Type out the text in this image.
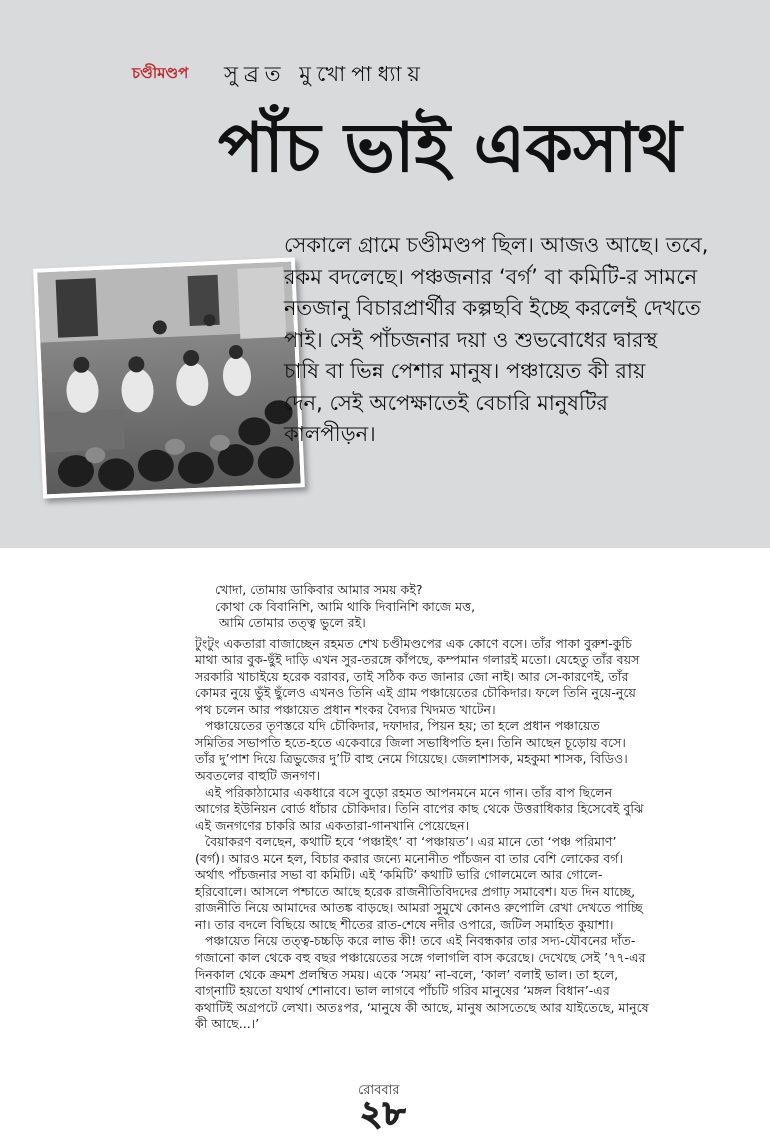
চণ্ডীমণ্ডপ সুব্রত মুখোপাধ্যায়
পাঁচ ভাই একসাথ
সেকালে গ্রামে চণ্ডীমণ্ডপ ছিল। আজও আছে। তবে,
রকম বদলেছে। পঞ্চজনার ‘বর্গ’ বা কমিটি-র সামনে
নতজানু বিচারপ্রার্থীর কল্পছবি ইচ্ছে করলেই দেখতে
পাই। সেই পাঁচজনার দয়া ও শুভবোধের দ্বারস্থ
চাষি বা ভিন্ন পেশার মানুষ। পঞ্চায়েত কী রায়
দেন, সেই অপেক্ষাতেই বেচারি মানুষটির
কালপীড়ন।
খোদা, তোমায় ডাকিবার আমার সময় কই?
কোথা কে বিবানিশি, আমি থাকি দিবানিশি কাজে মত্ত,
আমি তোমার তত্ত্ব ভুলে রই।
টুংটুং একতারা বাজাচ্ছেন রহমত শেখ চণ্ডীমণ্ডপের এক কোণে বসে। তাঁর পাকা বুরুশ-কুচি
মাথা আর বুক-ছুঁই দাড়ি এখন সুর-তরঙ্গে কাঁপছে, কম্পমান গলারই মতো। যেহেতু তাঁর বয়স
সরকারি খাচাইয়ে হরেক বরাবর, তাই সঠিক কত জানার জো নাই। আর সে-কারণেই, তাঁর
কোমর নুয়ে ভুঁই ছুঁলেও এখনও তিনি এই গ্রাম পঞ্চায়েতের চৌকিদার। ফলে তিনি নুয়ে-নুয়ে
পথ চলেন আর পঞ্চায়েত প্রধান শংকর বৈদ্যর খিদমত খাটেন।
পঞ্চায়েতের তৃণস্তরে যদি চৌকিদার, দফাদার, পিয়ন হয়; তা হলে প্রধান পঞ্চায়েত
সমিতির সভাপতি হতে-হতে একেবারে জিলা সভাধিপতি হন। তিনি আছেন চূড়োয় বসে।
তাঁর দু’পাশ দিয়ে ত্রিভুজের দু’টি বাহু নেমে গিয়েছে। জেলাশাসক, মহকুমা শাসক, বিডিও।
অবতলের বাহুটি জনগণ।
এই পরিকাঠামোর একধারে বসে বুড়ো রহমত আপনমনে মনে গান। তাঁর বাপ ছিলেন
আগের ইউনিয়ন বোর্ড ধাঁচার চৌকিদার। তিনি বাপের কাছ থেকে উত্তরাধিকার হিসেবেই বুঝি
এই জনগণের চাকরি আর একতারা-গানখানি পেয়েছেন।
বৈয়াকরণ বলছেন, কথাটি হবে ‘পঞ্চাইৎ’ বা ‘পঞ্চায়ত’। এর মানে তো ‘পঞ্চ পরিমাণ’
(বর্গ)। আরও মনে হল, বিচার করার জন্যে মনোনীত পাঁচজন বা তার বেশি লোকের বর্গ।
অর্থাৎ পাঁচজনার সভা বা কমিটি। এই ‘কমিটি’ কথাটি ভারি গোলমেলে আর গোলে-
হরিবোলে। আসলে পশ্চাতে আছে হরেক রাজনীতিবিদদের প্রগাঢ় সমাবেশ। যত দিন যাচ্ছে,
রাজনীতি নিয়ে আমাদের আতঙ্ক বাড়ছে। আমরা সুমুখে কোনও রুপোলি রেখা দেখতে পাচ্ছি
না। তার বদলে বিছিয়ে আছে শীতের রাত-শেষে নদীর ওপারে, জটিল সমাহিত কুয়াশা।
পঞ্চায়েত নিয়ে তত্ত্ব-চচ্চড়ি করে লাভ কী! তবে এই নিবন্ধকার তার সদ্য-যৌবনের দাঁত-
গজানো কাল থেকে বহু বছর পঞ্চায়েতের সঙ্গে গলাগলি বাস করেছে। দেখেছে সেই ’৭৭-এর
দিনকাল থেকে ক্রমশ প্রলম্বিত সময়। একে ‘সময়’ না-বলে, ‘কাল’ বলাই ভাল। তা হলে,
বাগ্‌নাটি হয়তো যথার্থ শোনাবে। ভাল লাগবে পাঁচটি গরিব মানুষের ‘মঙ্গল বিধান’-এর
কথাটিই অগ্রপটে লেখা। অতঃপর, ‘মানুষে কী আছে, মানুষ আসতেছে আর যাইতেছে, মানুষে
কী আছে...।’
রোববার
২৮
